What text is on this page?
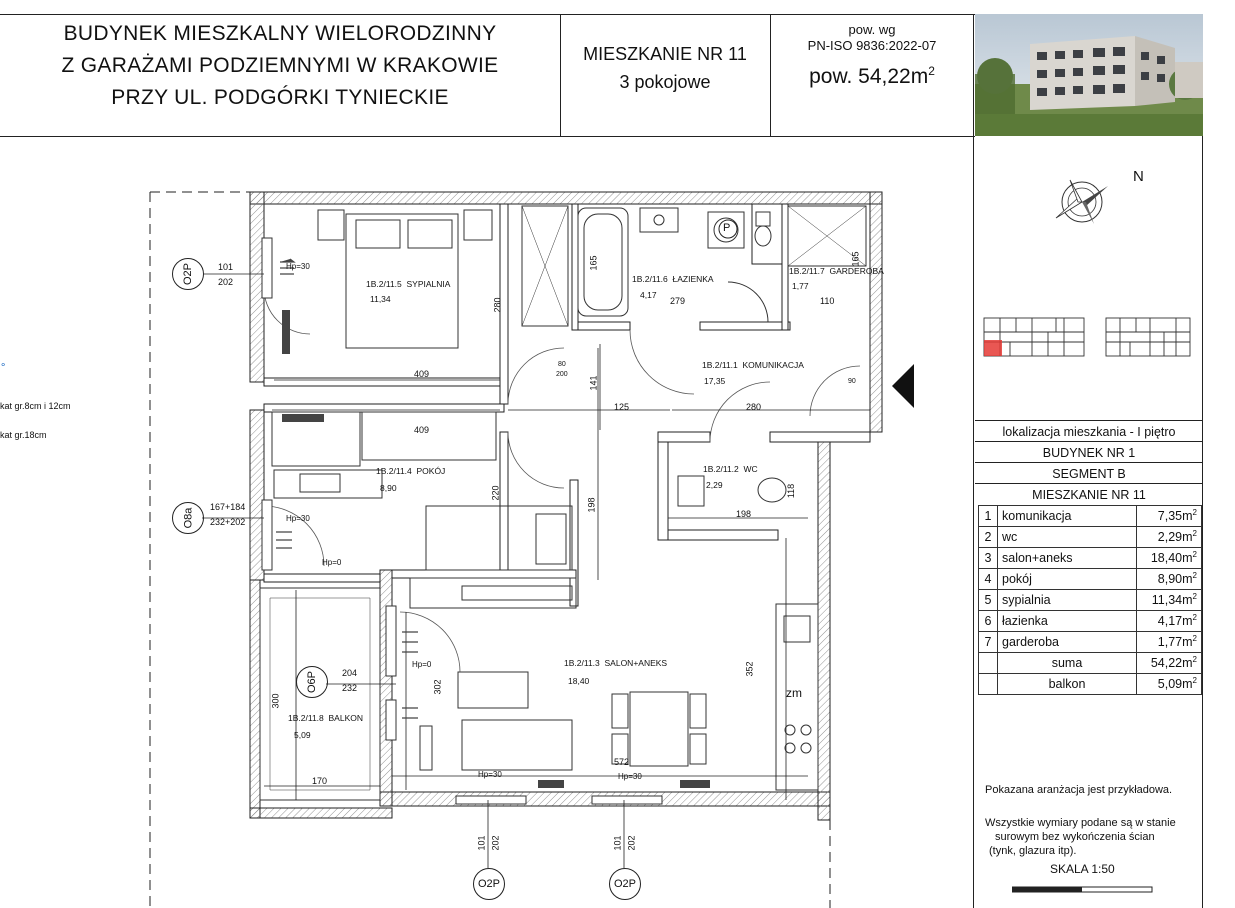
BUDYNEK MIESZKALNY WIELORODZINNY
Z GARAŻAMI PODZIEMNYMI W KRAKOWIE
PRZY UL. PODGÓRKI TYNIECKIE
MIESZKANIE NR 11
3 pokojowe
pow. wg
PN-ISO 9836:2022-07
pow. $54,22m^2$
N
lokalizacja mieszkania - I piętro
BUDYNEK NR 1
SEGMENT B
MIESZKANIE NR 11
1	komunikacja	$7,35m^2$
2	wc	$2,29m^2$
3	salon+aneks	$18,40m^2$
4	pokój	$8,90m^2$
5	sypialnia	$11,34m^2$
6	łazienka	$4,17m^2$
7	garderoba	$1,77m^2$
	suma	$54,22m^2$
	balkon	$5,09m^2$
Pokazana aranżacja jest przykładowa.
Wszystkie wymiary podane są w stanie
surowym bez wykończenia ścian
(tynk, glazura itp).
SKALA 1:50
kat gr.8cm i 12cm
kat gr.18cm
∘
1B.2/11.5 SYPIALNIA
11,34
1B.2/11.6 ŁAZIENKA
4,17
1B.2/11.7 GARDEROBA
1,77
1B.2/11.1 KOMUNIKACJA
17,35
1B.2/11.4 POKÓJ
8,90
1B.2/11.2 WC
2,29
1B.2/11.3 SALON+ANEKS
18,40
1B.2/11.8 BALKON
5,09
409
409
125	280
279	110
198
170
572
280
141
165	165
220
198
118
352
302
300
Hp=30
Hp=0
Hp=30	Hp=30
Hp=0
Hp=30
80
200
90
P
zm
O2P	101
202
O8a
167+184
232+202
O6P	204
232
O2P
101 202
O2P
101 202
